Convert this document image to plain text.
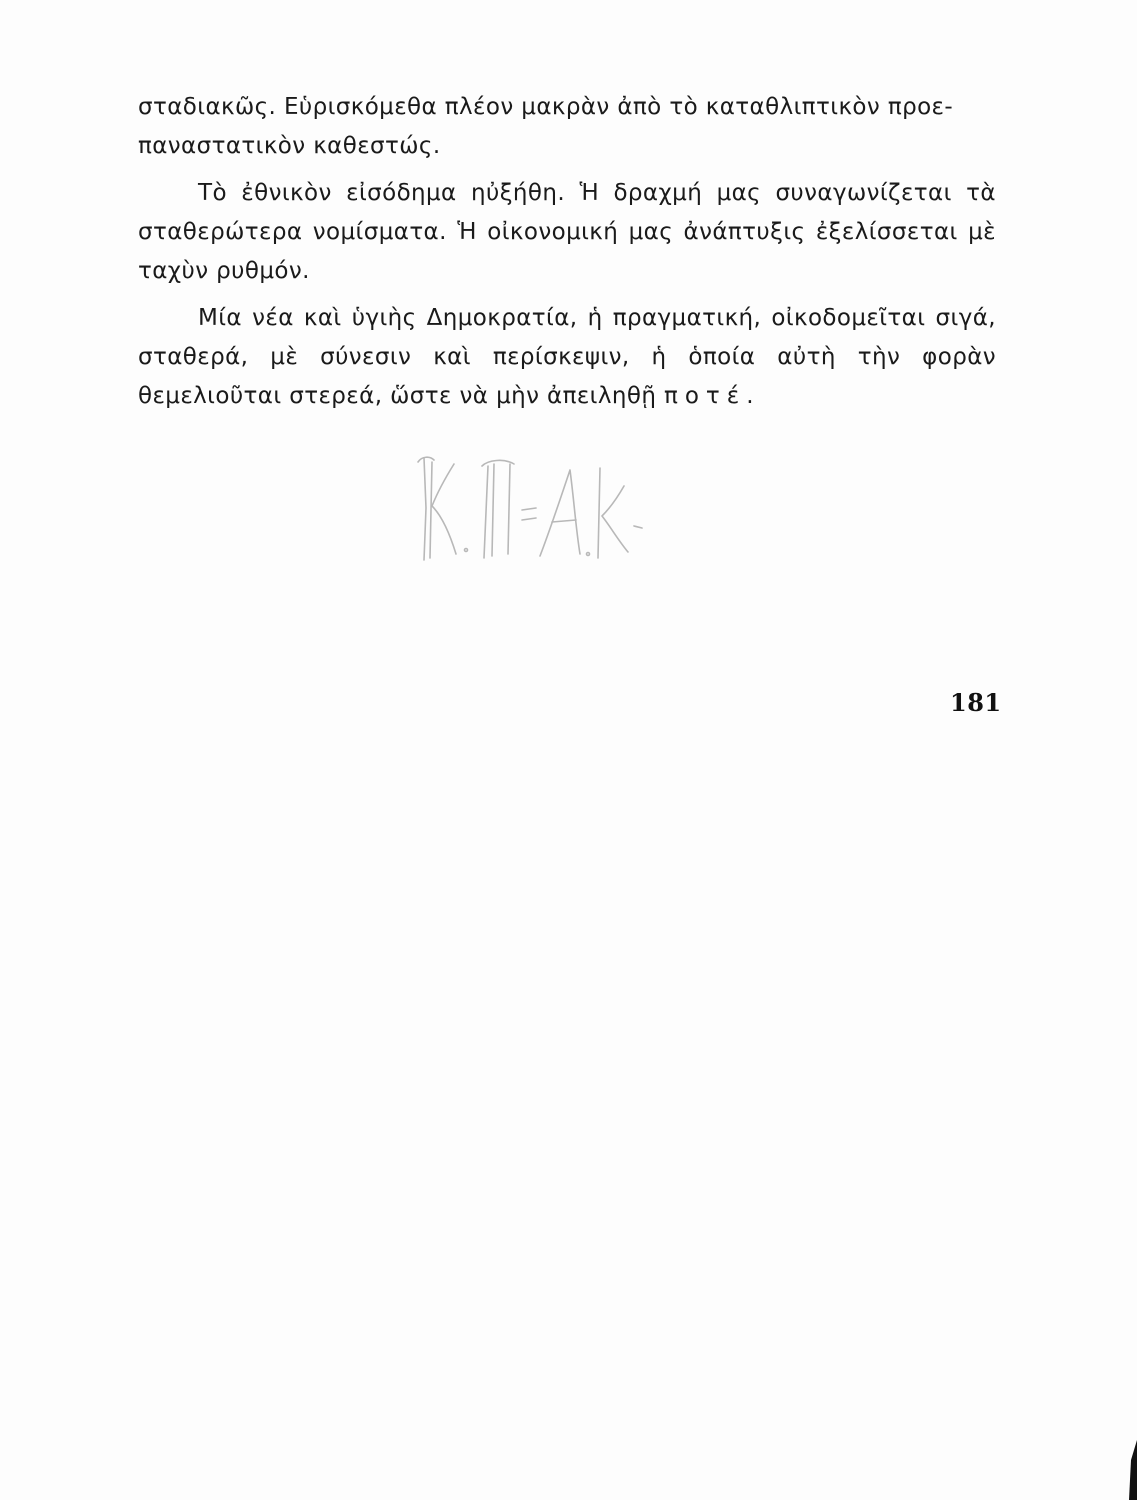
σταδιακῶς. Εὑρισκόμεθα πλέον μακρὰν ἀπὸ τὸ καταθλιπτικὸν προε-
παναστατικὸν καθεστώς.

Τὸ ἐθνικὸν εἰσόδημα ηὐξήθη. Ἡ δραχμή μας συναγωνίζεται τὰ σταθερώτερα νομίσματα. Ἡ οἰκονομική μας ἀνάπτυξις ἐξελίσσεται μὲ ταχὺν ρυθμόν.

Μία νέα καὶ ὑγιὴς Δημοκρατία, ἡ πραγματική, οἰκοδομεῖται σιγά, σταθερά, μὲ σύνεσιν καὶ περίσκεψιν, ἡ ὁποία αὐτὴ τὴν φορὰν θεμελιοῦται στερεά, ὥστε νὰ μὴν ἀπειληθῇ ποτέ.

181
